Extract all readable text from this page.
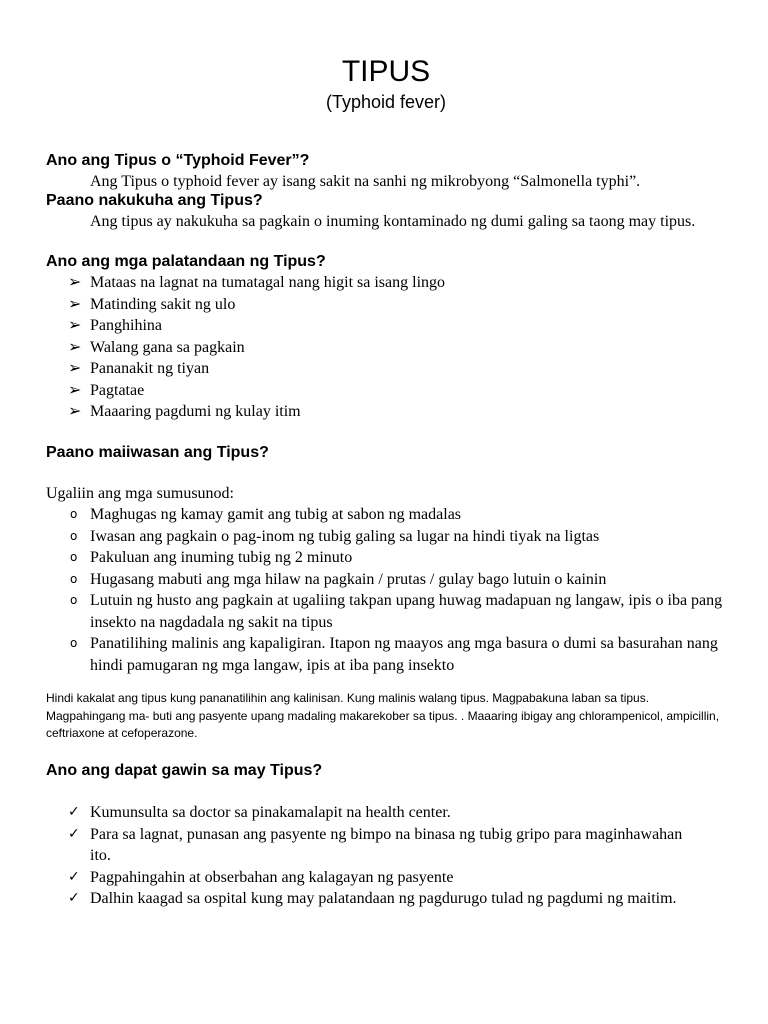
TIPUS
(Typhoid fever)
Ano ang Tipus o “Typhoid Fever”?

Ang Tipus o typhoid fever ay isang sakit na sanhi ng mikrobyong “Salmonella typhi”.

Paano nakukuha ang Tipus?

Ang tipus ay nakukuha sa pagkain o inuming kontaminado ng dumi galing sa taong may tipus.

Ano ang mga palatandaan ng Tipus?
➢ Mataas na lagnat na tumatagal nang higit sa isang lingo
➢ Matinding sakit ng ulo
➢ Panghihina
➢ Walang gana sa pagkain
➢ Pananakit ng tiyan
➢ Pagtatae
➢ Maaaring pagdumi ng kulay itim
Paano maiiwasan ang Tipus?

Ugaliin ang mga sumusunod:

o Maghugas ng kamay gamit ang tubig at sabon ng madalas
o Iwasan ang pagkain o pag-inom ng tubig galing sa lugar na hindi tiyak na ligtas
o Pakuluan ang inuming tubig ng 2 minuto
o Hugasang mabuti ang mga hilaw na pagkain / prutas / gulay bago lutuin o kainin
o Lutuin ng husto ang pagkain at ugaliing takpan upang huwag madapuan ng langaw, ipis o iba pang insekto na nagdadala ng sakit na tipus
o Panatilihing malinis ang kapaligiran. Itapon ng maayos ang mga basura o dumi sa basurahan nang hindi pamugaran ng mga langaw, ipis at iba pang insekto

Hindi kakalat ang tipus kung pananatilihin ang kalinisan. Kung malinis walang tipus. Magpabakuna laban sa tipus. Magpahingang ma- buti ang pasyente upang madaling makarekober sa tipus. . Maaaring ibigay ang chlorampenicol, ampicillin, ceftriaxone at cefoperazone.

Ano ang dapat gawin sa may Tipus?
✓ Kumunsulta sa doctor sa pinakamalapit na health center.
✓ Para sa lagnat, punasan ang pasyente ng bimpo na binasa ng tubig gripo para maginhawahan ito.
✓ Pagpahingahin at obserbahan ang kalagayan ng pasyente
✓ Dalhin kaagad sa ospital kung may palatandaan ng pagdurugo tulad ng pagdumi ng maitim.
